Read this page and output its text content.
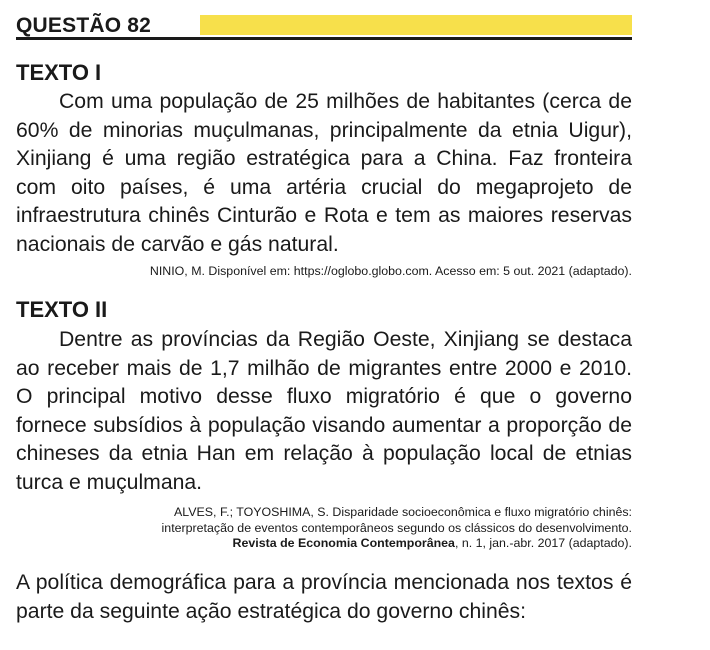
QUESTÃO 82
TEXTO I

Com uma população de 25 milhões de habitantes (cerca de 60% de minorias muçulmanas, principalmente da etnia Uigur), Xinjiang é uma região estratégica para a China. Faz fronteira com oito países, é uma artéria crucial do megaprojeto de infraestrutura chinês Cinturão e Rota e tem as maiores reservas nacionais de carvão e gás natural.

NINIO, M. Disponível em: https://oglobo.globo.com. Acesso em: 5 out. 2021 (adaptado).

TEXTO II

Dentre as províncias da Região Oeste, Xinjiang se destaca ao receber mais de 1,7 milhão de migrantes entre 2000 e 2010. O principal motivo desse fluxo migratório é que o governo fornece subsídios à população visando aumentar a proporção de chineses da etnia Han em relação à população local de etnias turca e muçulmana.

ALVES, F.; TOYOSHIMA, S. Disparidade socioeconômica e fluxo migratório chinês:
interpretação de eventos contemporâneos segundo os clássicos do desenvolvimento.
Revista de Economia Contemporânea, n. 1, jan.-abr. 2017 (adaptado).

A política demográfica para a província mencionada nos textos é parte da seguinte ação estratégica do governo chinês:
